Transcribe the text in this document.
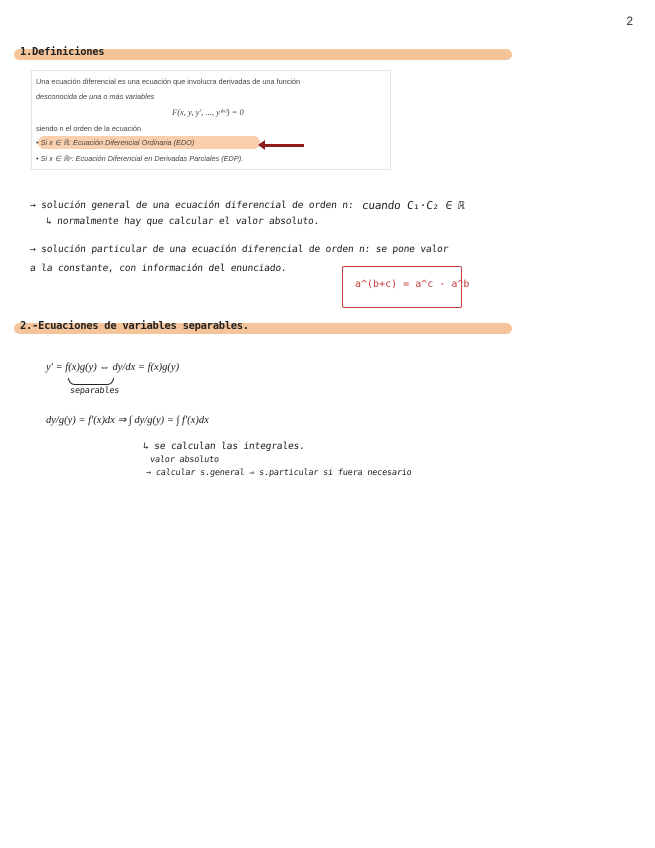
2
1.Definiciones
Una ecuación diferencial es una ecuación que involucra derivadas de una función
desconocida de una o más variables
F(x, y, y′, ..., y⁽ⁿ⁾) = 0
siendo n el orden de la ecuación
• Si x ∈ ℝ: Ecuación Diferencial Ordinaria (EDO)
• Si x ∈ ℝⁿ: Ecuación Diferencial en Derivadas Parciales (EDP).
→ solución general de una ecuación diferencial de orden n: cuando C₁·C₂ ∈ ℝ
↳ normalmente hay que calcular el valor absoluto.
→ solución particular de una ecuación diferencial de orden n: se pone valor
a la constante, con información del enunciado.
a^(b+c) = a^c · a^b
2.-Ecuaciones de variables separables.
y′ = f(x)g(y) ⇔ dy/dx = f(x)g(y)
separables
dy/g(y) = f′(x)dx ⇒ ∫ dy/g(y) = ∫ f′(x)dx
↳ se calculan las integrales.
valor absoluto
→ calcular s.general ⇒ s.particular si fuera necesario
